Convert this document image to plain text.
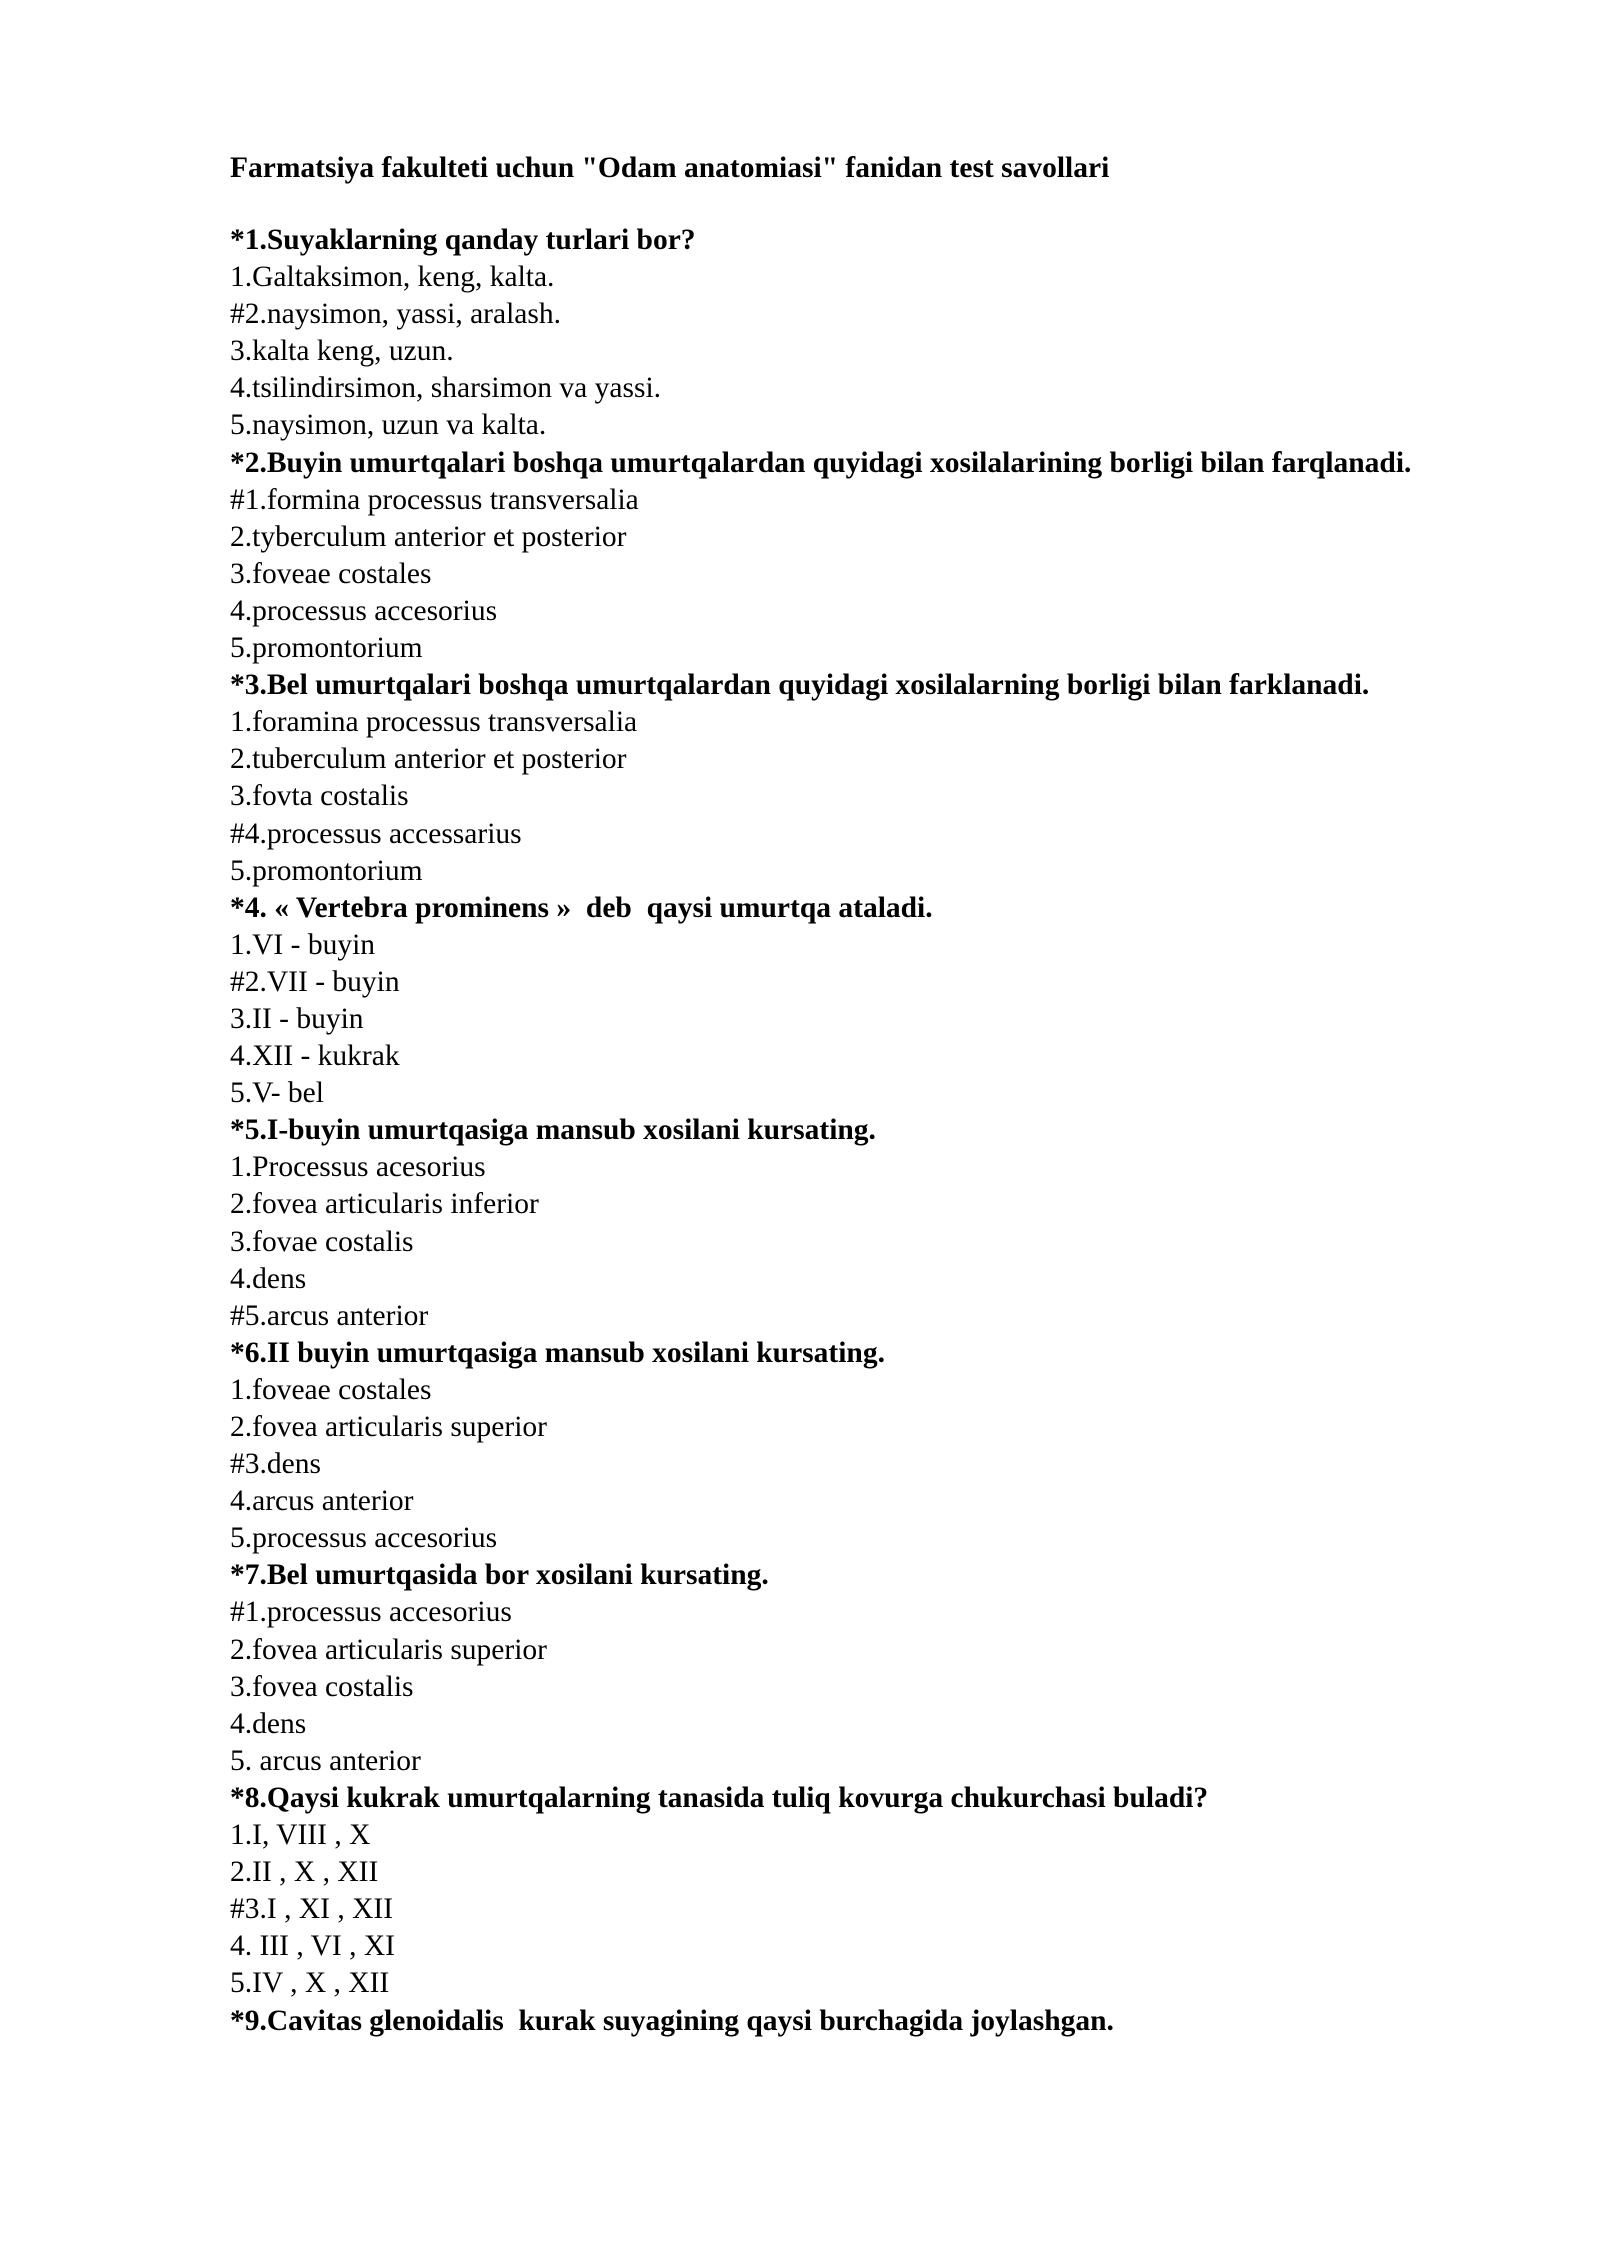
Farmatsiya fakulteti uchun "Odam anatomiasi" fanidan test savollari

*1.Suyaklarning qanday turlari bor?

1.Galtaksimon, keng, kalta.

#2.naysimon, yassi, aralash.

3.kalta keng, uzun.

4.tsilindirsimon, sharsimon va yassi.

5.naysimon, uzun va kalta.

*2.Buyin umurtqalari boshqa umurtqalardan quyidagi xosilalarining borligi bilan farqlanadi.

#1.formina processus transversalia

2.tyberculum anterior et posterior

3.foveae costales

4.processus accesorius

5.promontorium

*3.Bel umurtqalari boshqa umurtqalardan quyidagi xosilalarning borligi bilan farklanadi.

1.foramina processus transversalia

2.tuberculum anterior et posterior

3.fovta costalis

#4.processus accessarius

5.promontorium

*4. « Vertebra prominens »  deb  qaysi umurtqa ataladi.

1.VI - buyin

#2.VII - buyin

3.II - buyin

4.XII - kukrak

5.V- bel

*5.I-buyin umurtqasiga mansub xosilani kursating.

1.Processus acesorius

2.fovea articularis inferior

3.fovae costalis

4.dens

#5.arcus anterior

*6.II buyin umurtqasiga mansub xosilani kursating.

1.foveae costales

2.fovea articularis superior

#3.dens

4.arcus anterior

5.processus accesorius

*7.Bel umurtqasida bor xosilani kursating.

#1.processus accesorius

2.fovea articularis superior

3.fovea costalis

4.dens

5. arcus anterior

*8.Qaysi kukrak umurtqalarning tanasida tuliq kovurga chukurchasi buladi?

1.I, VIII , X

2.II , X , XII

#3.I , XI , XII

4. III , VI , XI

5.IV , X , XII

*9.Cavitas glenoidalis  kurak suyagining qaysi burchagida joylashgan.
